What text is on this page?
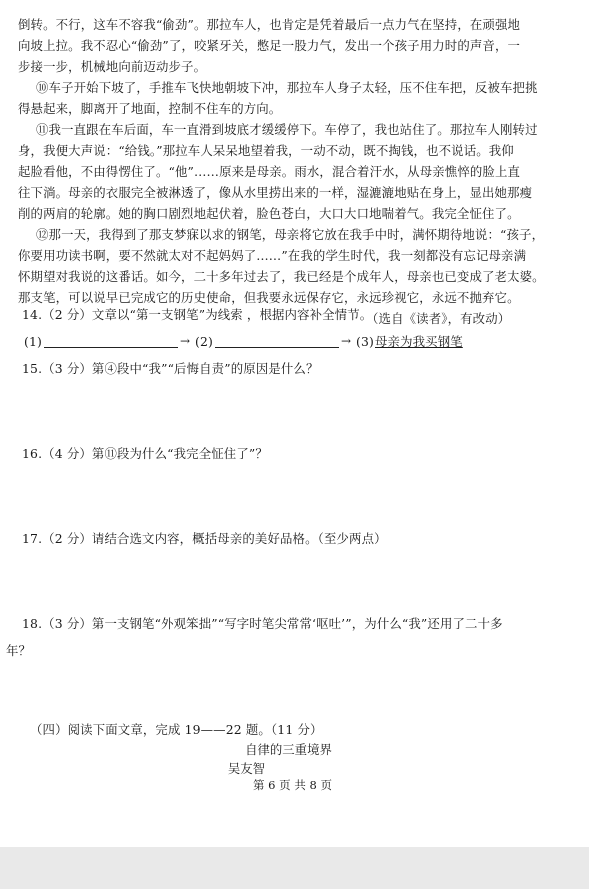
倒转。不行，这车不容我“偷劲”。那拉车人，也肯定是凭着最后一点力气在坚持，在顽强地
向坡上拉。我不忍心“偷劲”了，咬紧牙关，憋足一股力气，发出一个孩子用力时的声音，一
步接一步，机械地向前迈动步子。
⑩车子开始下坡了，手推车飞快地朝坡下冲，那拉车人身子太轻，压不住车把，反被车把挑
得悬起来，脚离开了地面，控制不住车的方向。
⑪我一直跟在车后面，车一直滑到坡底才缓缓停下。车停了，我也站住了。那拉车人刚转过
身，我便大声说：“给钱。”那拉车人呆呆地望着我，一动不动，既不掏钱，也不说话。我仰
起脸看他，不由得愣住了。“他”……原来是母亲。雨水，混合着汗水，从母亲憔悴的脸上直
往下淌。母亲的衣服完全被淋透了，像从水里捞出来的一样，湿漉漉地贴在身上，显出她那瘦
削的两肩的轮廓。她的胸口剧烈地起伏着，脸色苍白，大口大口地喘着气。我完全怔住了。
⑫那一天，我得到了那支梦寐以求的钢笔，母亲将它放在我手中时，满怀期待地说：“孩子，
你要用功读书啊，要不然就太对不起妈妈了……”在我的学生时代，我一刻都没有忘记母亲满
怀期望对我说的这番话。如今，二十多年过去了，我已经是个成年人，母亲也已变成了老太婆。
那支笔，可以说早已完成它的历史使命，但我要永远保存它，永远珍视它，永远不抛弃它。
（选自《读者》，有改动）
14.（2 分）文章以“第一支钢笔”为线索 ，根据内容补全情节。
(1)	→ (2)	→ (3) 母亲为我买钢笔
15.（3 分）第④段中“我”“后悔自责”的原因是什么？
16.（4 分）第⑪段为什么“我完全怔住了”？
17.（2 分）请结合选文内容，概括母亲的美好品格。（至少两点）
18.（3 分）第一支钢笔“外观笨拙”“写字时笔尖常常‘呕吐’”，为什么“我”还用了二十多
年？
（四）阅读下面文章，完成 19——22 题。（11 分）
自律的三重境界
吴友智
第 6 页 共 8 页
